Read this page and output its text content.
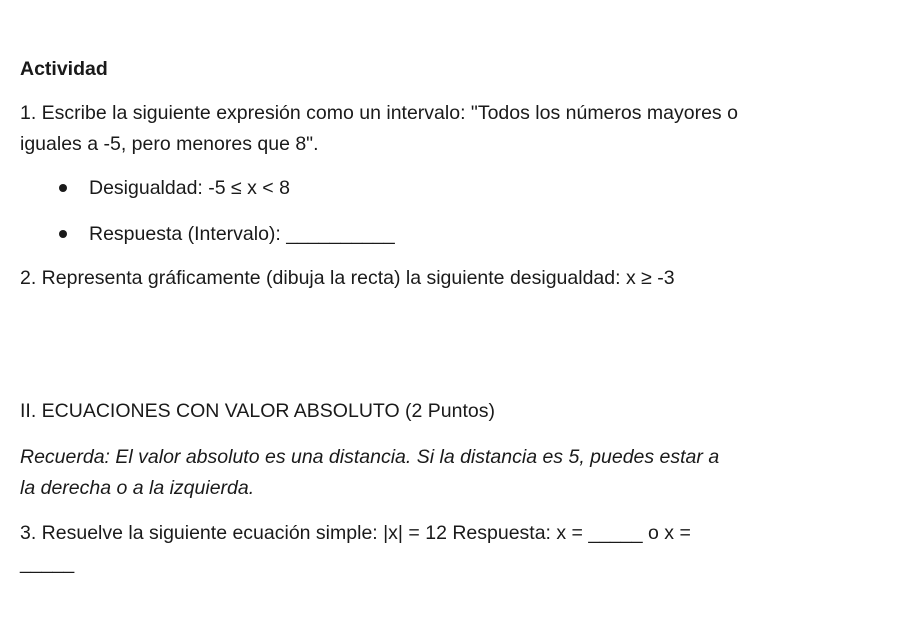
Actividad
1. Escribe la siguiente expresión como un intervalo: "Todos los números mayores o
iguales a -5, pero menores que 8".
Desigualdad: -5 ≤ x < 8
Respuesta (Intervalo): __________
2. Representa gráficamente (dibuja la recta) la siguiente desigualdad: x ≥ -3
II. ECUACIONES CON VALOR ABSOLUTO (2 Puntos)
Recuerda: El valor absoluto es una distancia. Si la distancia es 5, puedes estar a
la derecha o a la izquierda.
3. Resuelve la siguiente ecuación simple: |x| = 12 Respuesta: x = _____ o x =
_____
